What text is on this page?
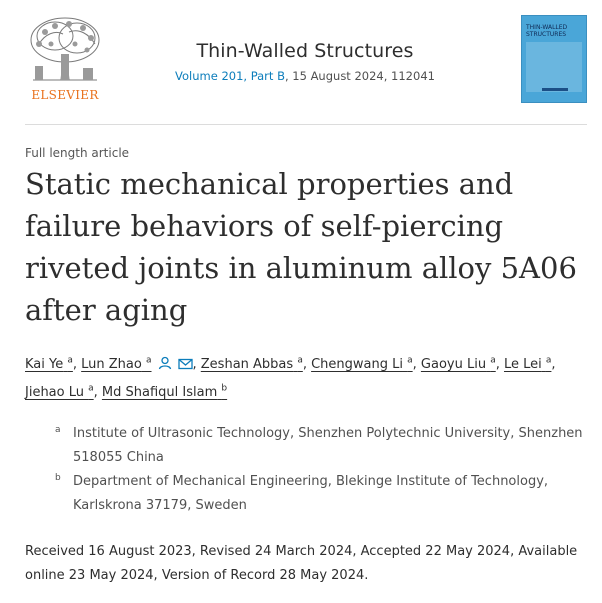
ELSEVIER
Thin-Walled Structures
Volume 201, Part B, 15 August 2024, 112041
THIN-WALLED STRUCTURES
Full length article
Static mechanical properties and failure behaviors of self-piercing riveted joints in aluminum alloy 5A06 after aging
Kai Ye $^a$, Lun Zhao $^a$	, Zeshan Abbas $^a$, Chengwang Li $^a$, Gaoyu Liu $^a$, Le Lei $^a$, Jiehao Lu $^a$, Md Shafiqul Islam $^b$
a Institute of Ultrasonic Technology, Shenzhen Polytechnic University, Shenzhen 518055 China
b Department of Mechanical Engineering, Blekinge Institute of Technology, Karlskrona 37179, Sweden
Received 16 August 2023, Revised 24 March 2024, Accepted 22 May 2024, Available online 23 May 2024, Version of Record 28 May 2024.
